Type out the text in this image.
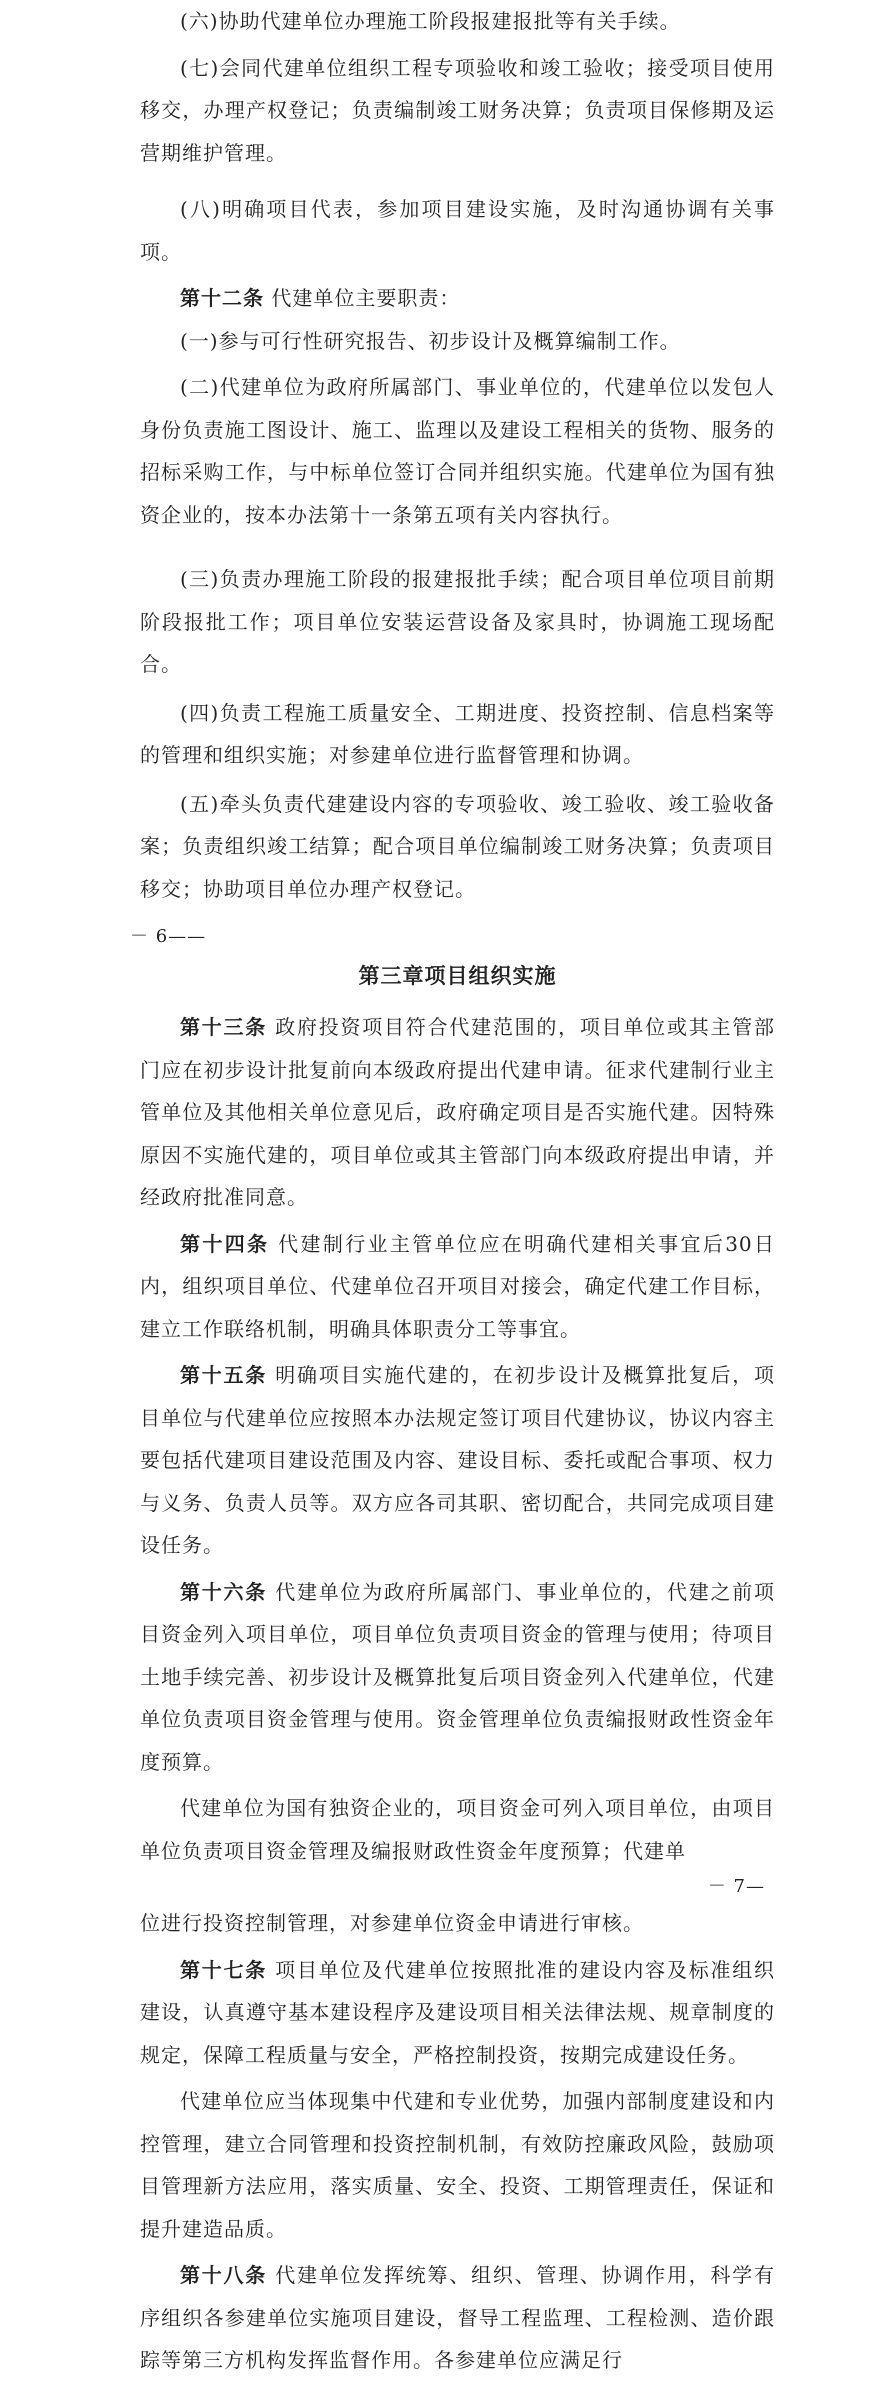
(六)协助代建单位办理施工阶段报建报批等有关手续。

(七)会同代建单位组织工程专项验收和竣工验收；接受项目使用移交，办理产权登记；负责编制竣工财务决算；负责项目保修期及运营期维护管理。

(八)明确项目代表，参加项目建设实施，及时沟通协调有关事项。

第十二条 代建单位主要职责：

(一)参与可行性研究报告、初步设计及概算编制工作。

(二)代建单位为政府所属部门、事业单位的，代建单位以发包人身份负责施工图设计、施工、监理以及建设工程相关的货物、服务的招标采购工作，与中标单位签订合同并组织实施。代建单位为国有独资企业的，按本办法第十一条第五项有关内容执行。

(三)负责办理施工阶段的报建报批手续；配合项目单位项目前期阶段报批工作；项目单位安装运营设备及家具时，协调施工现场配合。

(四)负责工程施工质量安全、工期进度、投资控制、信息档案等的管理和组织实施；对参建单位进行监督管理和协调。

(五)牵头负责代建建设内容的专项验收、竣工验收、竣工验收备案；负责组织竣工结算；配合项目单位编制竣工财务决算；负责项目移交；协助项目单位办理产权登记。

－ 6——

第三章项目组织实施

第十三条 政府投资项目符合代建范围的，项目单位或其主管部门应在初步设计批复前向本级政府提出代建申请。征求代建制行业主管单位及其他相关单位意见后，政府确定项目是否实施代建。因特殊原因不实施代建的，项目单位或其主管部门向本级政府提出申请，并经政府批准同意。

第十四条 代建制行业主管单位应在明确代建相关事宜后30日内，组织项目单位、代建单位召开项目对接会，确定代建工作目标，建立工作联络机制，明确具体职责分工等事宜。

第十五条 明确项目实施代建的，在初步设计及概算批复后，项目单位与代建单位应按照本办法规定签订项目代建协议，协议内容主要包括代建项目建设范围及内容、建设目标、委托或配合事项、权力与义务、负责人员等。双方应各司其职、密切配合，共同完成项目建设任务。

第十六条 代建单位为政府所属部门、事业单位的，代建之前项目资金列入项目单位，项目单位负责项目资金的管理与使用；待项目土地手续完善、初步设计及概算批复后项目资金列入代建单位，代建单位负责项目资金管理与使用。资金管理单位负责编报财政性资金年度预算。

代建单位为国有独资企业的，项目资金可列入项目单位，由项目单位负责项目资金管理及编报财政性资金年度预算；代建单

－ 7—

位进行投资控制管理，对参建单位资金申请进行审核。

第十七条 项目单位及代建单位按照批准的建设内容及标准组织建设，认真遵守基本建设程序及建设项目相关法律法规、规章制度的规定，保障工程质量与安全，严格控制投资，按期完成建设任务。

代建单位应当体现集中代建和专业优势，加强内部制度建设和内控管理，建立合同管理和投资控制机制，有效防控廉政风险，鼓励项目管理新方法应用，落实质量、安全、投资、工期管理责任，保证和提升建造品质。

第十八条 代建单位发挥统筹、组织、管理、协调作用，科学有序组织各参建单位实施项目建设，督导工程监理、工程检测、造价跟踪等第三方机构发挥监督作用。各参建单位应满足行
